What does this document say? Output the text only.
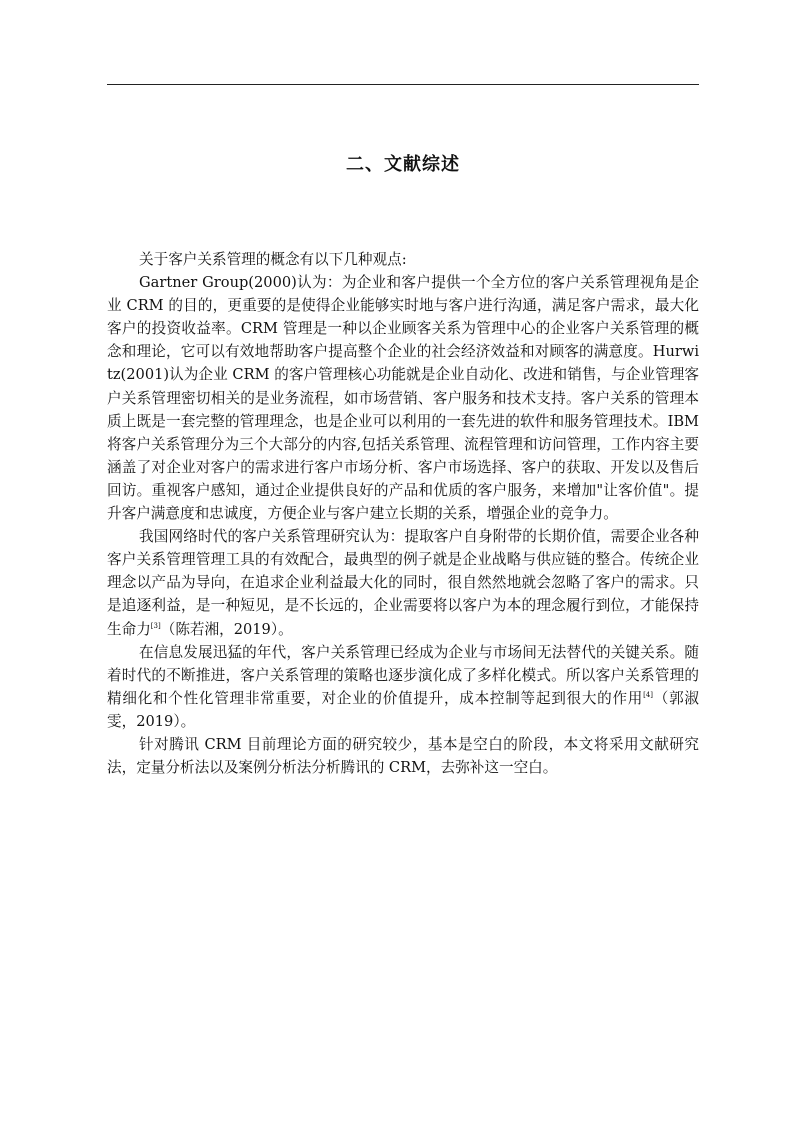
二、文献综述

关于客户关系管理的概念有以下几种观点:

Gartner Group(2000)认为：为企业和客户提供一个全方位的客户关系管理视角是企业 CRM 的目的，更重要的是使得企业能够实时地与客户进行沟通，满足客户需求，最大化客户的投资收益率。CRM 管理是一种以企业顾客关系为管理中心的企业客户关系管理的概念和理论，它可以有效地帮助客户提高整个企业的社会经济效益和对顾客的满意度。Hurwitz(2001)认为企业 CRM 的客户管理核心功能就是企业自动化、改进和销售，与企业管理客户关系管理密切相关的是业务流程，如市场营销、客户服务和技术支持。客户关系的管理本质上既是一套完整的管理理念，也是企业可以利用的一套先进的软件和服务管理技术。IBM 将客户关系管理分为三个大部分的内容,包括关系管理、流程管理和访问管理，工作内容主要涵盖了对企业对客户的需求进行客户市场分析、客户市场选择、客户的获取、开发以及售后回访。重视客户感知，通过企业提供良好的产品和优质的客户服务，来增加"让客价值"。提升客户满意度和忠诚度，方便企业与客户建立长期的关系，增强企业的竞争力。

我国网络时代的客户关系管理研究认为：提取客户自身附带的长期价值，需要企业各种客户关系管理管理工具的有效配合，最典型的例子就是企业战略与供应链的整合。传统企业理念以产品为导向，在追求企业利益最大化的同时，很自然然地就会忽略了客户的需求。只是追逐利益，是一种短见，是不长远的，企业需要将以客户为本的理念履行到位，才能保持生命力[3]（陈若湘，2019）。

在信息发展迅猛的年代，客户关系管理已经成为企业与市场间无法替代的关键关系。随着时代的不断推进，客户关系管理的策略也逐步演化成了多样化模式。所以客户关系管理的精细化和个性化管理非常重要，对企业的价值提升，成本控制等起到很大的作用[4]（郭淑雯，2019）。

针对腾讯 CRM 目前理论方面的研究较少，基本是空白的阶段，本文将采用文献研究法，定量分析法以及案例分析法分析腾讯的 CRM，去弥补这一空白。
